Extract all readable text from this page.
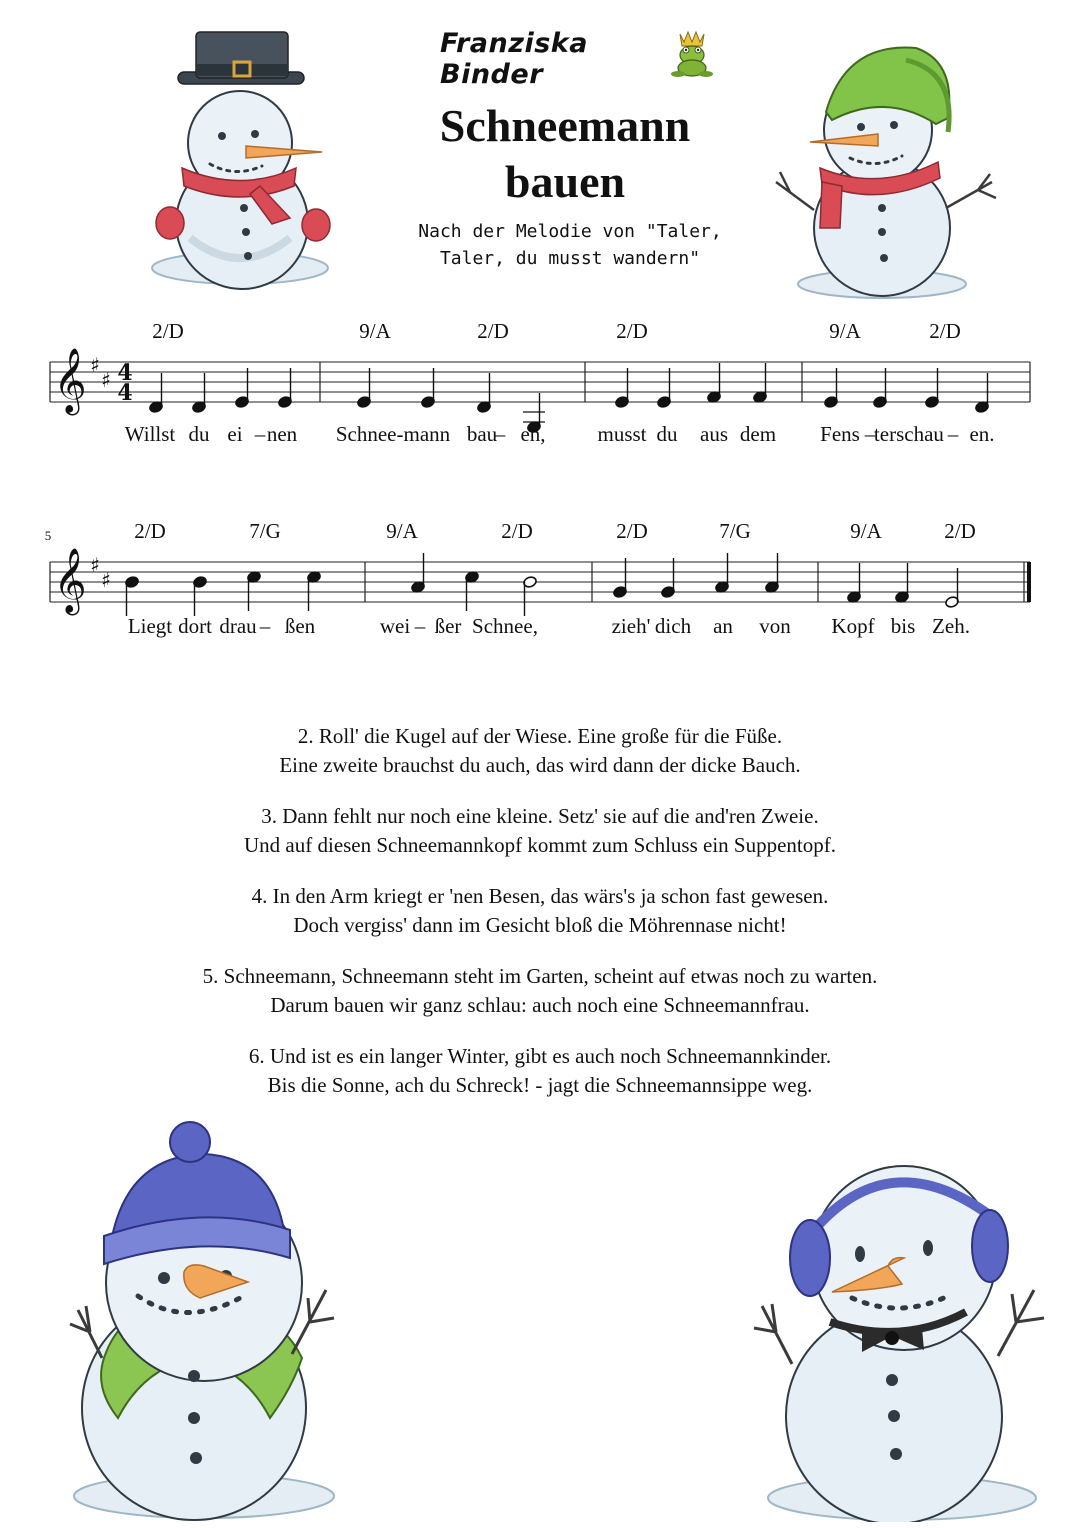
Franziska Binder
Schneemann
bauen
Nach der Melodie von "Taler,
Taler, du musst wandern"
𝄞 ♯
♯ 4
4
2/D	9/A	2/D	2/D	9/A	2/D
Willst du ei – nen Schnee-mann bau
– en, musst du aus dem Fens –
ter schau – en.
𝄞 ♯
♯
5	2/D	7/G	9/A	2/D	2/D	7/G	9/A	2/D
Liegt dort drau – ßen	wei – ßer Schnee,	zieh' dich an von Kopf bis Zeh.
2. Roll' die Kugel auf der Wiese. Eine große für die Füße.
Eine zweite brauchst du auch, das wird dann der dicke Bauch.
3. Dann fehlt nur noch eine kleine. Setz' sie auf die and'ren Zweie.
Und auf diesen Schneemannkopf kommt zum Schluss ein Suppentopf.
4. In den Arm kriegt er 'nen Besen, das wärs's ja schon fast gewesen.
Doch vergiss' dann im Gesicht bloß die Möhrennase nicht!
5. Schneemann, Schneemann steht im Garten, scheint auf etwas noch zu warten.
Darum bauen wir ganz schlau: auch noch eine Schneemannfrau.
6. Und ist es ein langer Winter, gibt es auch noch Schneemannkinder.
Bis die Sonne, ach du Schreck! - jagt die Schneemannsippe weg.
